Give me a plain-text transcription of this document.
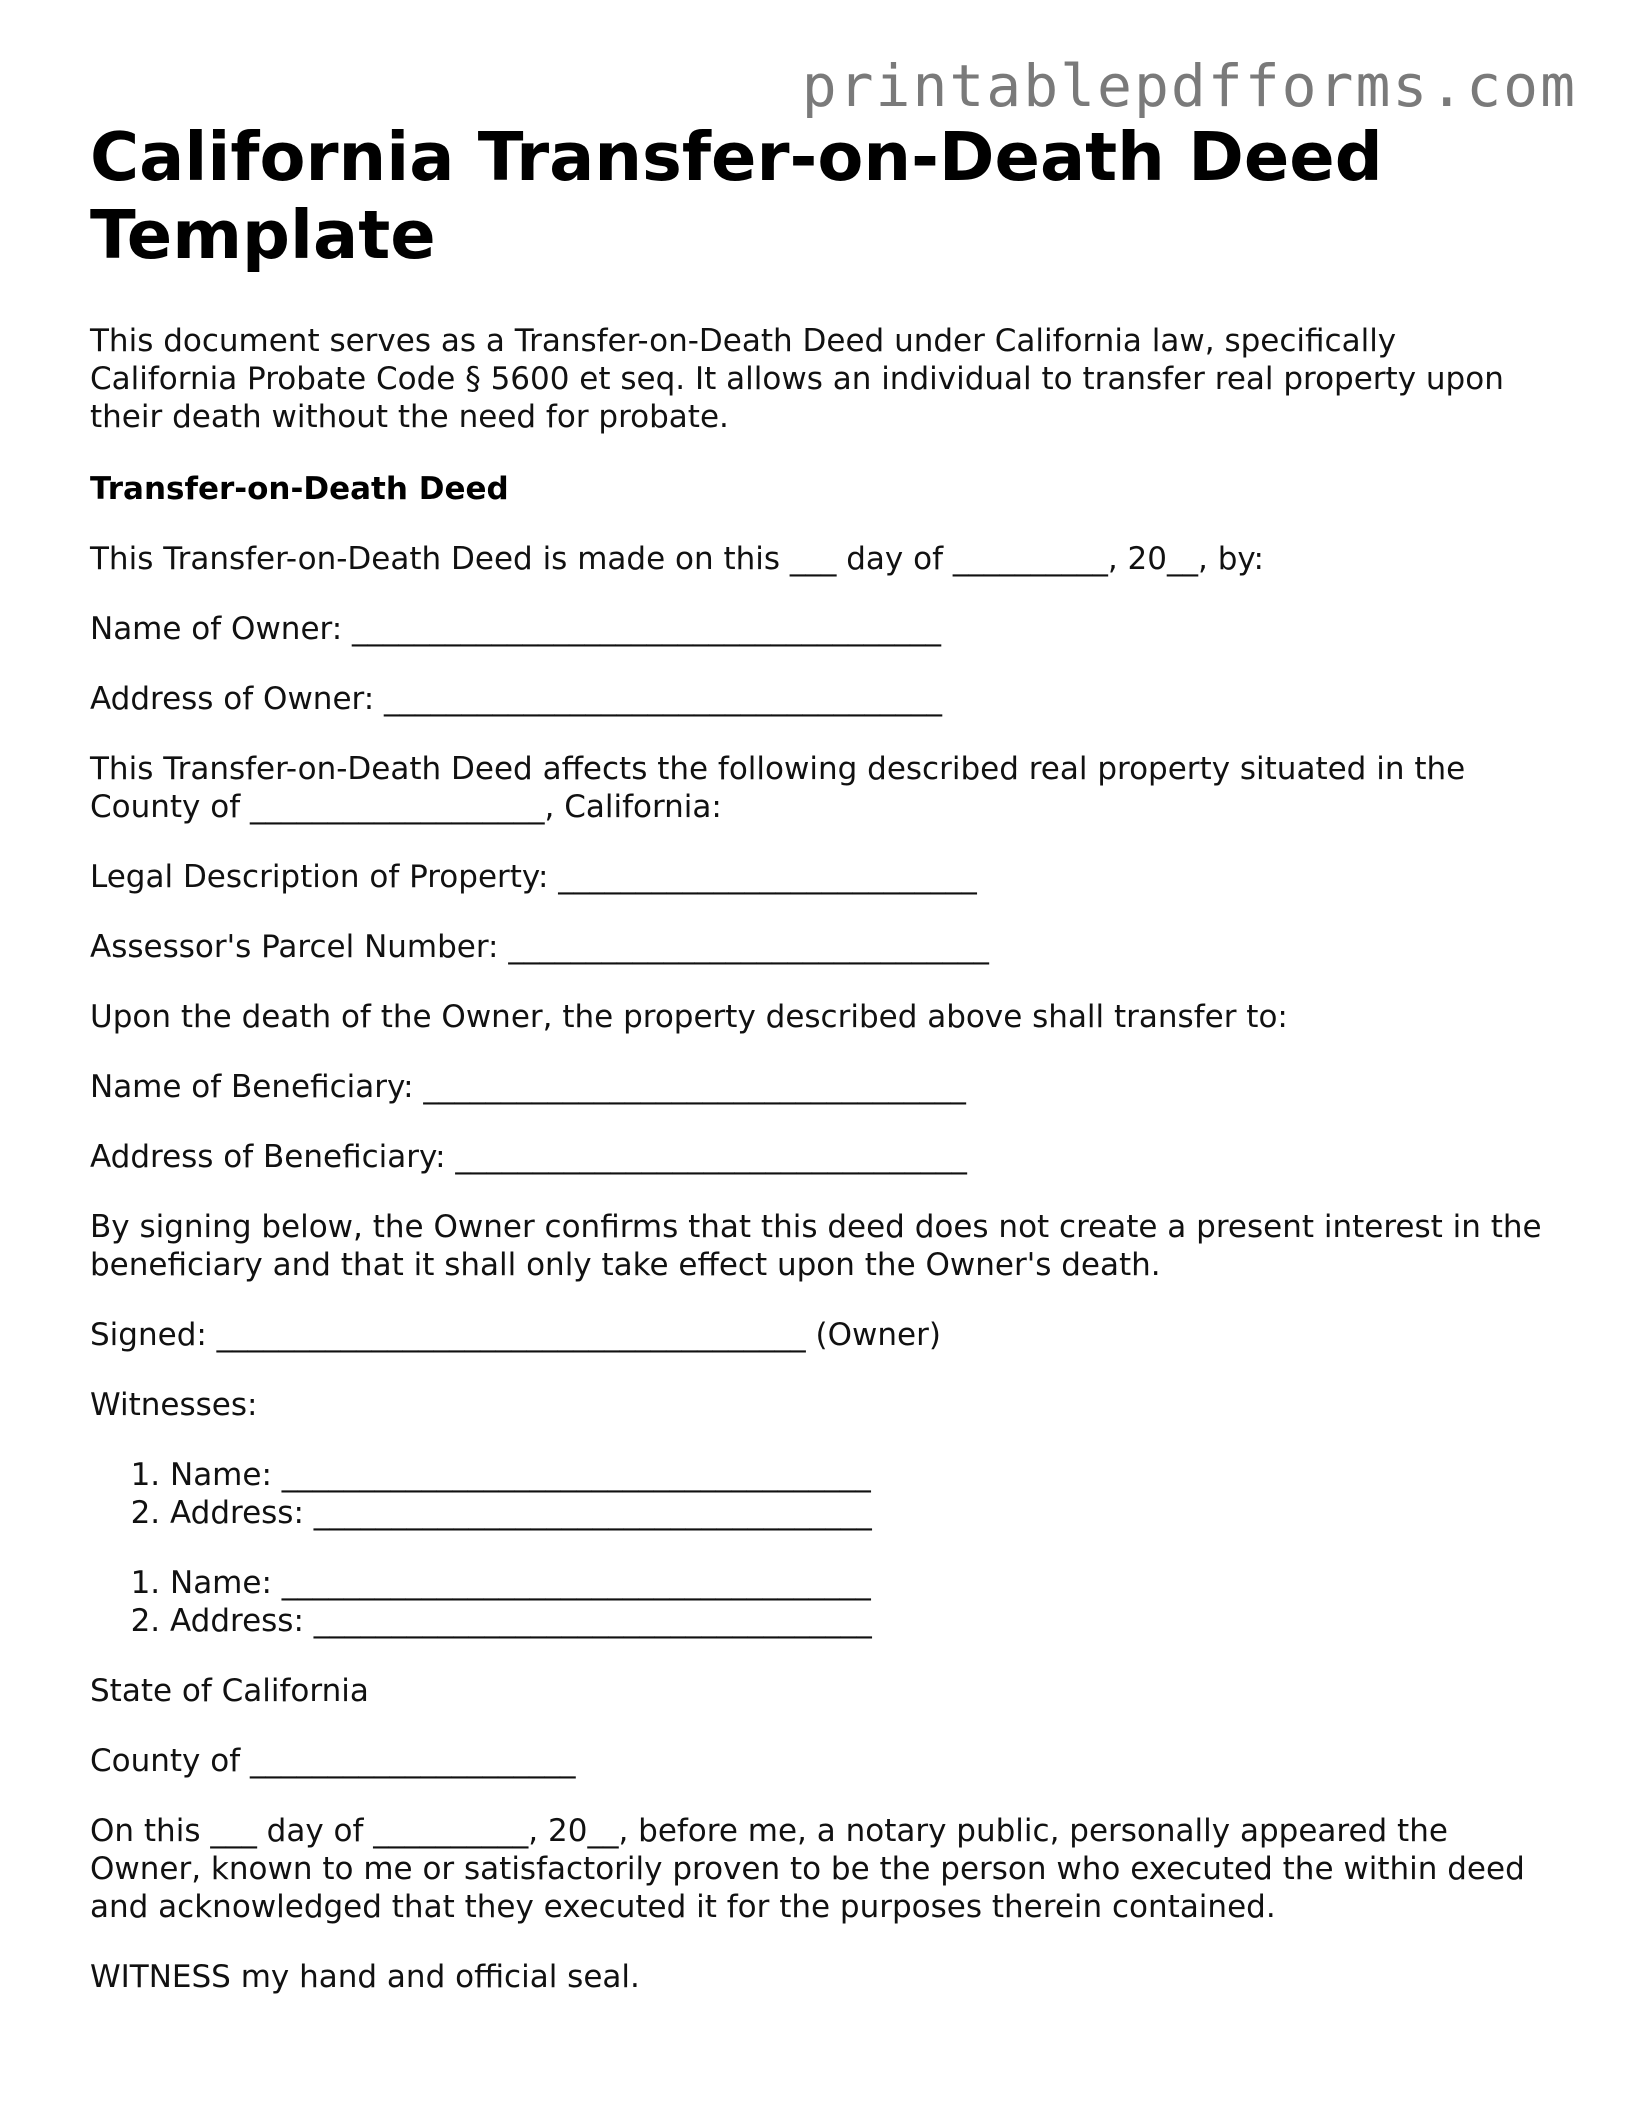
printablepdfforms.com
California Transfer-on-Death Deed Template

This document serves as a Transfer-on-Death Deed under California law, specifically California Probate Code § 5600 et seq. It allows an individual to transfer real property upon their death without the need for probate.

Transfer-on-Death Deed

This Transfer-on-Death Deed is made on this ___ day of __________, 20__, by:

Name of Owner: ______________________________________

Address of Owner: ____________________________________

This Transfer-on-Death Deed affects the following described real property situated in the County of ___________________, California:

Legal Description of Property: ___________________________

Assessor's Parcel Number: _______________________________

Upon the death of the Owner, the property described above shall transfer to:

Name of Beneficiary: ___________________________________

Address of Beneficiary: _________________________________

By signing below, the Owner confirms that this deed does not create a present interest in the beneficiary and that it shall only take effect upon the Owner's death.

Signed: ______________________________________ (Owner)

Witnesses:

1. Name: ______________________________________
2. Address: ____________________________________
1. Name: ______________________________________
2. Address: ____________________________________

State of California

County of _____________________

On this ___ day of __________, 20__, before me, a notary public, personally appeared the Owner, known to me or satisfactorily proven to be the person who executed the within deed and acknowledged that they executed it for the purposes therein contained.

WITNESS my hand and official seal.
